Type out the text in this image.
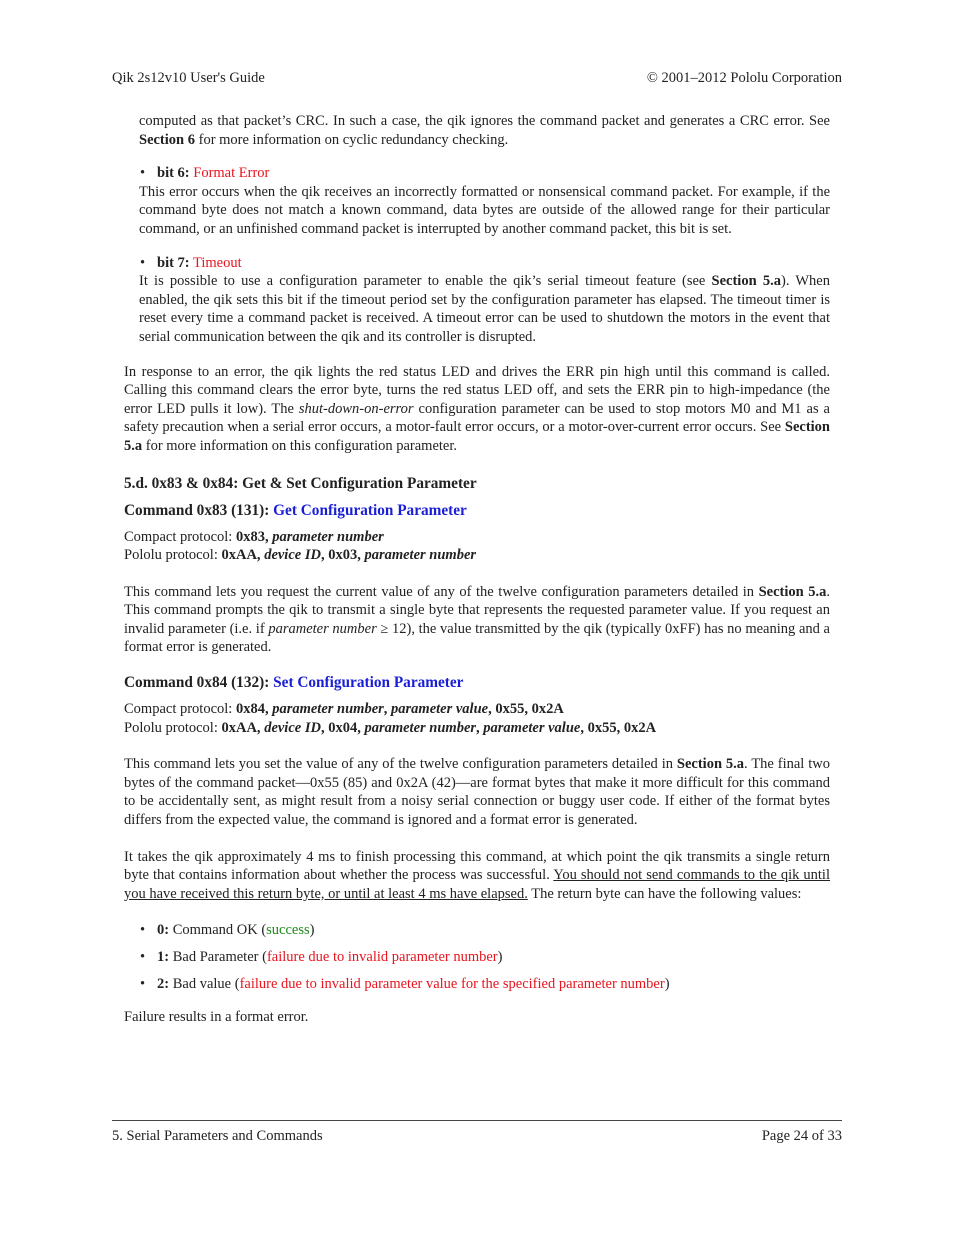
Qik 2s12v10 User's Guide	© 2001–2012 Pololu Corporation

computed as that packet’s CRC. In such a case, the qik ignores the command packet and generates a CRC error. See Section 6 for more information on cyclic redundancy checking.

• bit 6: Format Error

This error occurs when the qik receives an incorrectly formatted or nonsensical command packet. For example, if the command byte does not match a known command, data bytes are outside of the allowed range for their particular command, or an unfinished command packet is interrupted by another command packet, this bit is set.

• bit 7: Timeout

It is possible to use a configuration parameter to enable the qik’s serial timeout feature (see Section 5.a). When enabled, the qik sets this bit if the timeout period set by the configuration parameter has elapsed. The timeout timer is reset every time a command packet is received. A timeout error can be used to shutdown the motors in the event that serial communication between the qik and its controller is disrupted.

In response to an error, the qik lights the red status LED and drives the ERR pin high until this command is called. Calling this command clears the error byte, turns the red status LED off, and sets the ERR pin to high-impedance (the error LED pulls it low). The shut-down-on-error configuration parameter can be used to stop motors M0 and M1 as a safety precaution when a serial error occurs, a motor-fault error occurs, or a motor-over-current error occurs. See Section 5.a for more information on this configuration parameter.

5.d. 0x83 & 0x84: Get & Set Configuration Parameter
Command 0x83 (131): Get Configuration Parameter

Compact protocol: 0x83, parameter number

Pololu protocol: 0xAA, device ID, 0x03, parameter number

This command lets you request the current value of any of the twelve configuration parameters detailed in Section 5.a. This command prompts the qik to transmit a single byte that represents the requested parameter value. If you request an invalid parameter (i.e. if parameter number ≥ 12), the value transmitted by the qik (typically 0xFF) has no meaning and a format error is generated.

Command 0x84 (132): Set Configuration Parameter

Compact protocol: 0x84, parameter number, parameter value, 0x55, 0x2A

Pololu protocol: 0xAA, device ID, 0x04, parameter number, parameter value, 0x55, 0x2A

This command lets you set the value of any of the twelve configuration parameters detailed in Section 5.a. The final two bytes of the command packet—0x55 (85) and 0x2A (42)—are format bytes that make it more difficult for this command to be accidentally sent, as might result from a noisy serial connection or buggy user code. If either of the format bytes differs from the expected value, the command is ignored and a format error is generated.

It takes the qik approximately 4 ms to finish processing this command, at which point the qik transmits a single return byte that contains information about whether the process was successful. You should not send commands to the qik until you have received this return byte, or until at least 4 ms have elapsed. The return byte can have the following values:

• 0: Command OK (success)
• 1: Bad Parameter (failure due to invalid parameter number)
• 2: Bad value (failure due to invalid parameter value for the specified parameter number)

Failure results in a format error.

5. Serial Parameters and Commands	Page 24 of 33
